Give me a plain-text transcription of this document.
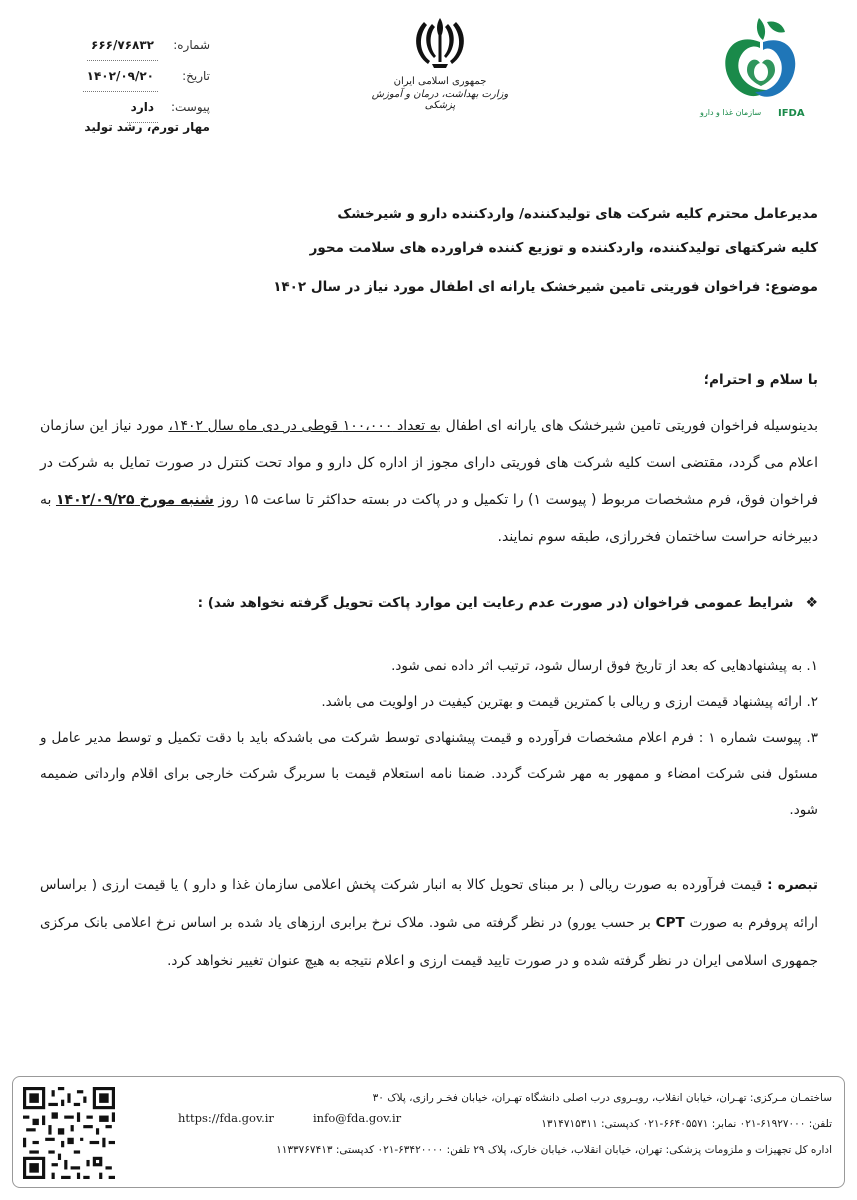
شماره:
۶۶۶/۷۶۸۳۲
تاریخ:
۱۴۰۲/۰۹/۲۰
پیوست:
دارد
مهار تورم، رشد تولید
جمهوری اسلامی ایران
وزارت بهداشت، درمان و آموزش پزشکی
سازمان غذا و دارو IFDA
مدیرعامل محترم کلیه شرکت های تولیدکننده/ واردکننده دارو و شیرخشک
کلیه شرکتهای تولیدکننده، واردکننده و توزیع کننده فراورده های سلامت محور
موضوع: فراخوان فوریتی تامین شیرخشک یارانه ای اطفال مورد نیاز در سال ۱۴۰۲
با سلام و احترام؛
بدینوسیله فراخوان فوریتی تامین شیرخشک های یارانه ای اطفال به تعداد ۱۰۰،۰۰۰ قوطی در دی ماه سال ۱۴۰۲، مورد نیاز این سازمان اعلام می گردد، مقتضی است کلیه شرکت های فوریتی دارای مجوز از اداره کل دارو و مواد تحت کنترل در صورت تمایل به شرکت در فراخوان فوق، فرم مشخصات مربوط ( پیوست ۱) را تکمیل و در پاکت در بسته حداکثر تا ساعت ۱۵ روز شنبه مورخ ۱۴۰۲/۰۹/۲۵ به دبیرخانه حراست ساختمان فخررازی، طبقه سوم نمایند.
❖
شرایط عمومی فراخوان (در صورت عدم رعایت این موارد پاکت تحویل گرفته نخواهد شد) :
۱. به پیشنهادهایی که بعد از تاریخ فوق ارسال شود، ترتیب اثر داده نمی شود.
۲. ارائه پیشنهاد قیمت ارزی و ریالی با کمترین قیمت و بهترین کیفیت در اولویت می باشد.
۳. پیوست شماره ۱ : فرم اعلام مشخصات فرآورده و قیمت پیشنهادی توسط شرکت می باشدکه باید با دقت تکمیل و توسط مدیر عامل و مسئول فنی شرکت امضاء و ممهور به مهر شرکت گردد. ضمنا نامه استعلام قیمت با سربرگ شرکت خارجی برای اقلام وارداتی ضمیمه شود.
تبصره : قیمت فرآورده به صورت ریالی ( بر مبنای تحویل کالا به انبار شرکت پخش اعلامی سازمان غذا و دارو ) یا قیمت ارزی ( براساس ارائه پروفرم به صورت CPT بر حسب یورو) در نظر گرفته می شود. ملاک نرخ برابری ارزهای یاد شده بر اساس نرخ اعلامی بانک مرکزی جمهوری اسلامی ایران در نظر گرفته شده و در صورت تایید قیمت ارزی و اعلام نتیجه به هیچ عنوان تغییر نخواهد کرد.
ساختمـان مـرکزی: تهـران، خیابان انقلاب، روبـروی درب اصلی دانشگاه تهـران، خیابان فخـر رازی، پلاک ۳۰
تلفن: ۶۱۹۲۷۰۰۰-۰۲۱ نمابر: ۶۶۴۰۵۵۷۱-۰۲۱ کدپستی: ۱۳۱۴۷۱۵۳۱۱
اداره کل تجهیزات و ملزومات پزشکی: تهران، خیابان انقلاب، خیابان خارک، پلاک ۲۹ تلفن: ۶۳۴۲۰۰۰۰-۰۲۱ کدپستی: ۱۱۳۳۷۶۷۴۱۳
https://fda.gov.ir	info@fda.gov.ir
